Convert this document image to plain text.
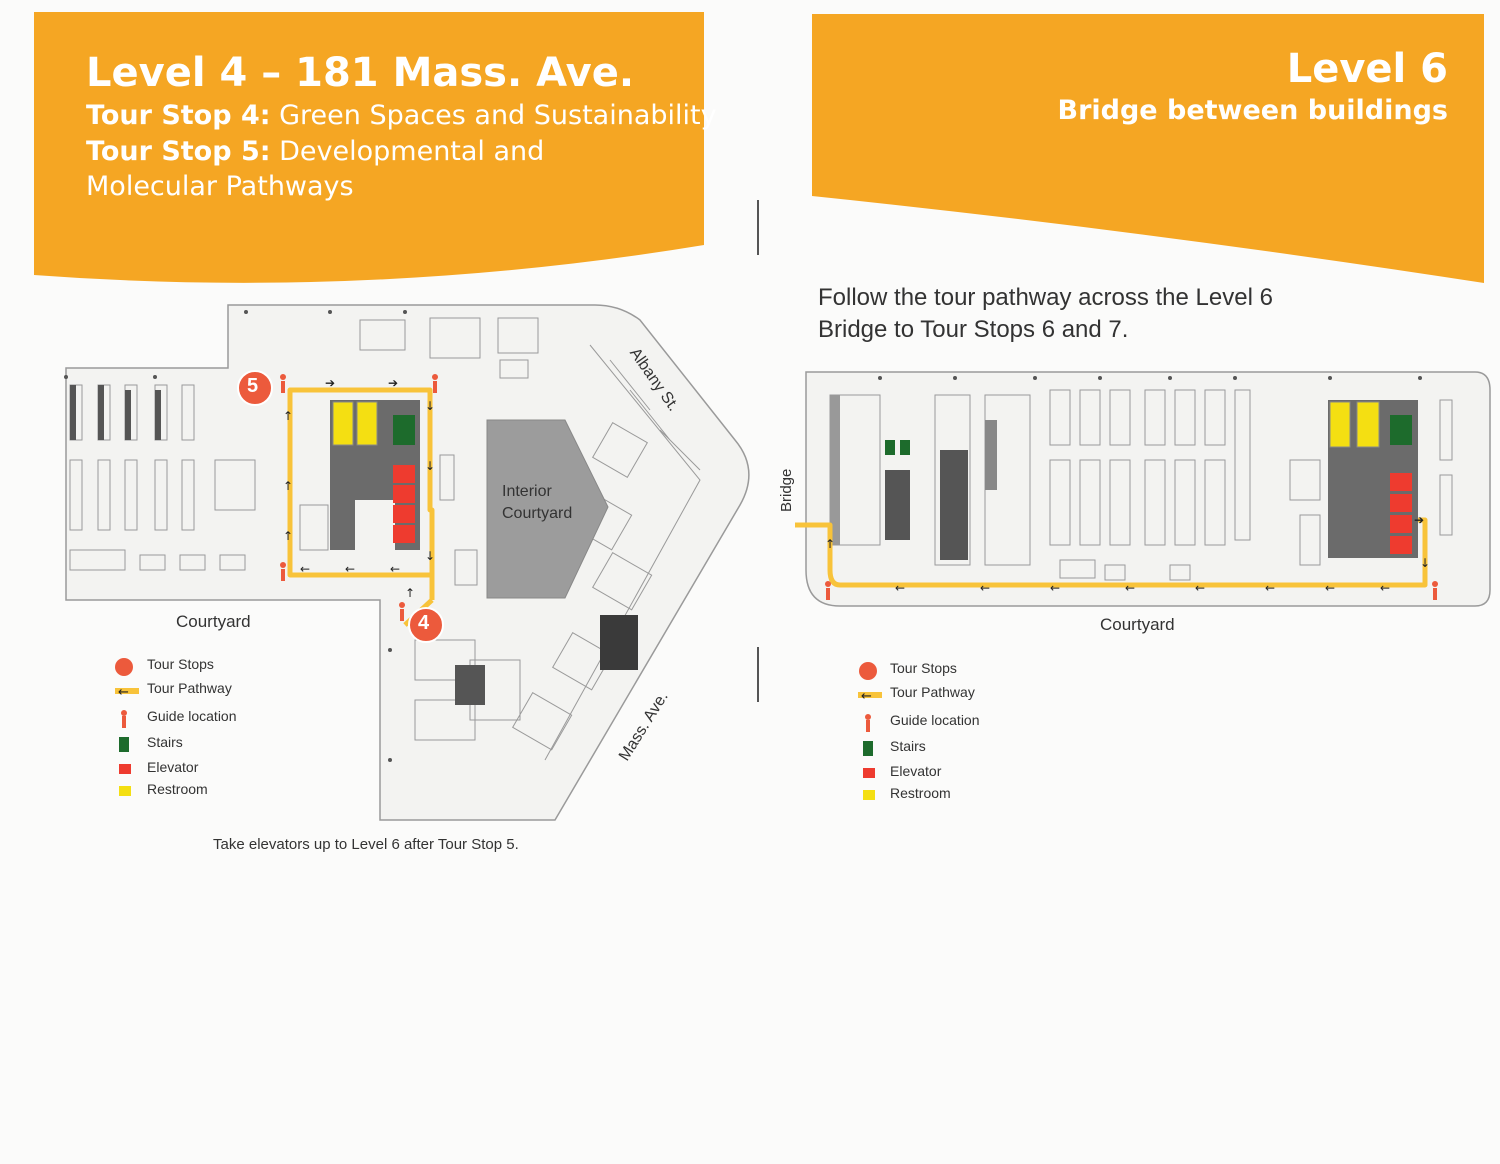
Level 4 – 181 Mass. Ave.
Tour Stop 4: Green Spaces and Sustainability
Tour Stop 5: Developmental and
Molecular Pathways
Level 6
Bridge between buildings
Follow the tour pathway across the Level 6
Bridge to Tour Stops 6 and 7.
➔	➔
↓
↓
↓
↑
↑
↑
←	←	←
↑
5
4
Interior
Courtyard
Albany St.
Mass. Ave.
Courtyard
Tour Stops
← Tour Pathway
Guide location
Stairs
Elevator
Restroom
Take elevators up to Level 6 after Tour Stop 5.
➔
↓
←
←
←
←
←
←
←
←
↑
Bridge
Courtyard
Tour Stops
← Tour Pathway
Guide location
Stairs
Elevator
Restroom
